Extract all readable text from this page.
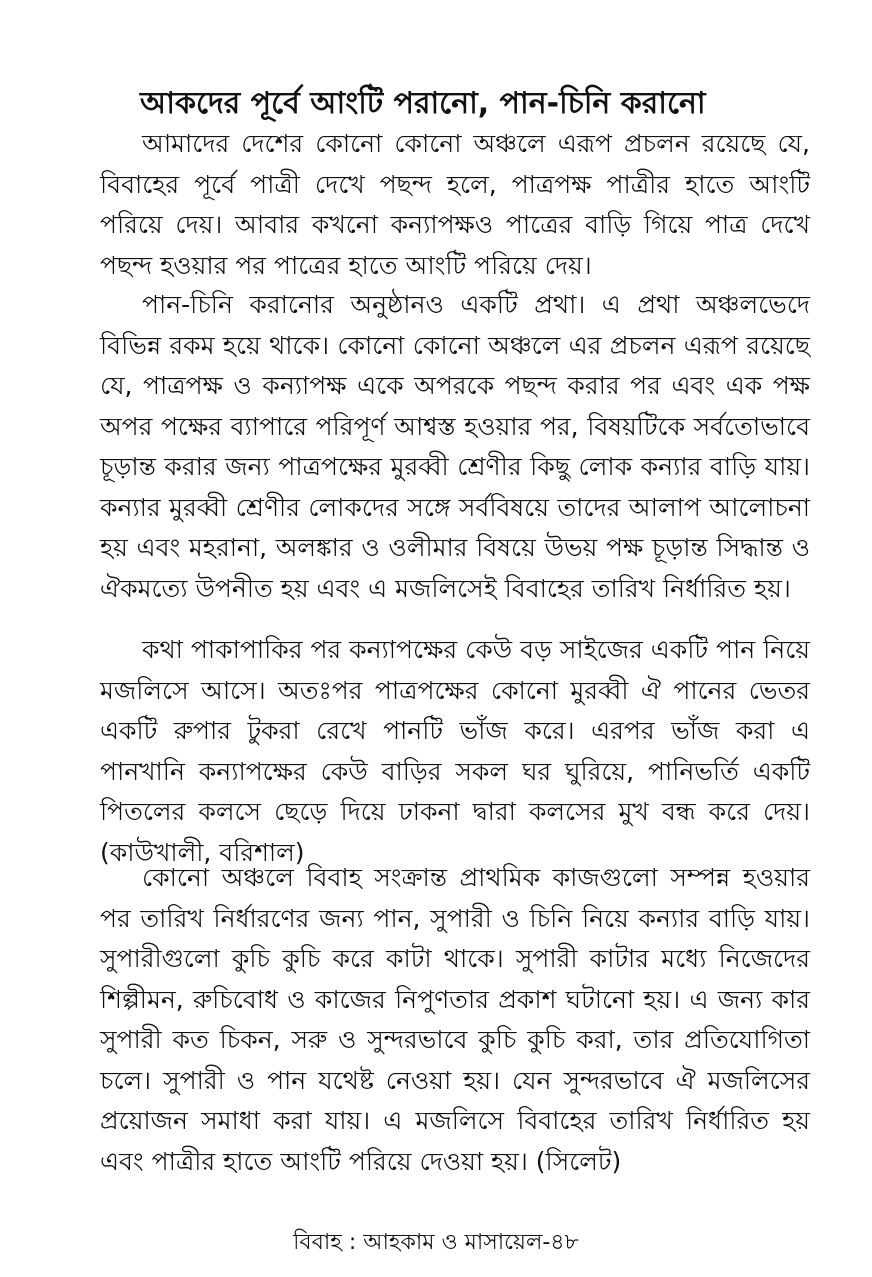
আকদের পূর্বে আংটি পরানো, পান-চিনি করানো

আমাদের দেশের কোনো কোনো অঞ্চলে এরূপ প্রচলন রয়েছে যে, বিবাহের পূর্বে পাত্রী দেখে পছন্দ হলে, পাত্রপক্ষ পাত্রীর হাতে আংটি পরিয়ে দেয়। আবার কখনো কন্যাপক্ষও পাত্রের বাড়ি গিয়ে পাত্র দেখে পছন্দ হওয়ার পর পাত্রের হাতে আংটি পরিয়ে দেয়।

পান-চিনি করানোর অনুষ্ঠানও একটি প্রথা। এ প্রথা অঞ্চলভেদে বিভিন্ন রকম হয়ে থাকে। কোনো কোনো অঞ্চলে এর প্রচলন এরূপ রয়েছে যে, পাত্রপক্ষ ও কন্যাপক্ষ একে অপরকে পছন্দ করার পর এবং এক পক্ষ অপর পক্ষের ব্যাপারে পরিপূর্ণ আশ্বস্ত হওয়ার পর, বিষয়টিকে সর্বতোভাবে চূড়ান্ত করার জন্য পাত্রপক্ষের মুরব্বী শ্রেণীর কিছু লোক কন্যার বাড়ি যায়। কন্যার মুরব্বী শ্রেণীর লোকদের সঙ্গে সর্ববিষয়ে তাদের আলাপ আলোচনা হয় এবং মহরানা, অলঙ্কার ও ওলীমার বিষয়ে উভয় পক্ষ চূড়ান্ত সিদ্ধান্ত ও ঐকমত্যে উপনীত হয় এবং এ মজলিসেই বিবাহের তারিখ নির্ধারিত হয়।

কথা পাকাপাকির পর কন্যাপক্ষের কেউ বড় সাইজের একটি পান নিয়ে মজলিসে আসে। অতঃপর পাত্রপক্ষের কোনো মুরব্বী ঐ পানের ভেতর একটি রুপার টুকরা রেখে পানটি ভাঁজ করে। এরপর ভাঁজ করা এ পানখানি কন্যাপক্ষের কেউ বাড়ির সকল ঘর ঘুরিয়ে, পানিভর্তি একটি পিতলের কলসে ছেড়ে দিয়ে ঢাকনা দ্বারা কলসের মুখ বন্ধ করে দেয়। (কাউখালী, বরিশাল)

কোনো অঞ্চলে বিবাহ সংক্রান্ত প্রাথমিক কাজগুলো সম্পন্ন হওয়ার পর তারিখ নির্ধারণের জন্য পান, সুপারী ও চিনি নিয়ে কন্যার বাড়ি যায়। সুপারীগুলো কুচি কুচি করে কাটা থাকে। সুপারী কাটার মধ্যে নিজেদের শিল্পীমন, রুচিবোধ ও কাজের নিপুণতার প্রকাশ ঘটানো হয়। এ জন্য কার সুপারী কত চিকন, সরু ও সুন্দরভাবে কুচি কুচি করা, তার প্রতিযোগিতা চলে। সুপারী ও পান যথেষ্ট নেওয়া হয়। যেন সুন্দরভাবে ঐ মজলিসের প্রয়োজন সমাধা করা যায়। এ মজলিসে বিবাহের তারিখ নির্ধারিত হয় এবং পাত্রীর হাতে আংটি পরিয়ে দেওয়া হয়। (সিলেট)

বিবাহ : আহকাম ও মাসায়েল-৪৮
